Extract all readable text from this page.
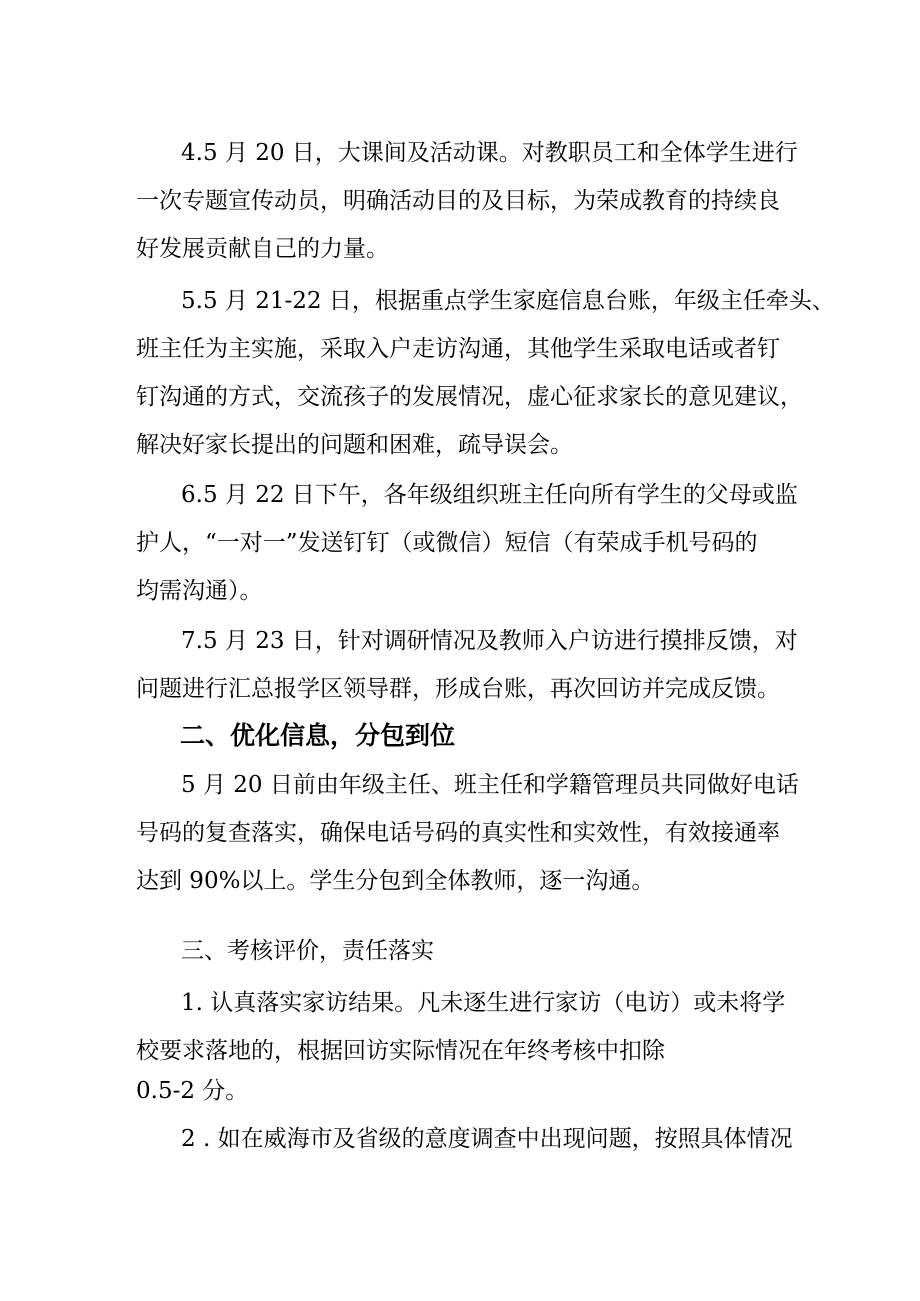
4.5 月 20 日，大课间及活动课。对教职员工和全体学生进行
一次专题宣传动员，明确活动目的及目标，为荣成教育的持续良
好发展贡献自己的力量。
5.5 月 21-22 日，根据重点学生家庭信息台账，年级主任牵头、
班主任为主实施，采取入户走访沟通，其他学生采取电话或者钉
钉沟通的方式，交流孩子的发展情况，虚心征求家长的意见建议，
解决好家长提出的问题和困难，疏导误会。
6.5 月 22 日下午，各年级组织班主任向所有学生的父母或监
护人，“一对一”发送钉钉（或微信）短信（有荣成手机号码的
均需沟通）。
7.5 月 23 日，针对调研情况及教师入户访进行摸排反馈，对
问题进行汇总报学区领导群，形成台账，再次回访并完成反馈。
二、优化信息，分包到位
5 月 20 日前由年级主任、班主任和学籍管理员共同做好电话
号码的复查落实，确保电话号码的真实性和实效性，有效接通率
达到 90%以上。学生分包到全体教师，逐一沟通。
三、考核评价，责任落实
1. 认真落实家访结果。凡未逐生进行家访（电访）或未将学
校要求落地的，根据回访实际情况在年终考核中扣除
0.5-2 分。
2 . 如在威海市及省级的意度调查中出现问题，按照具体情况
